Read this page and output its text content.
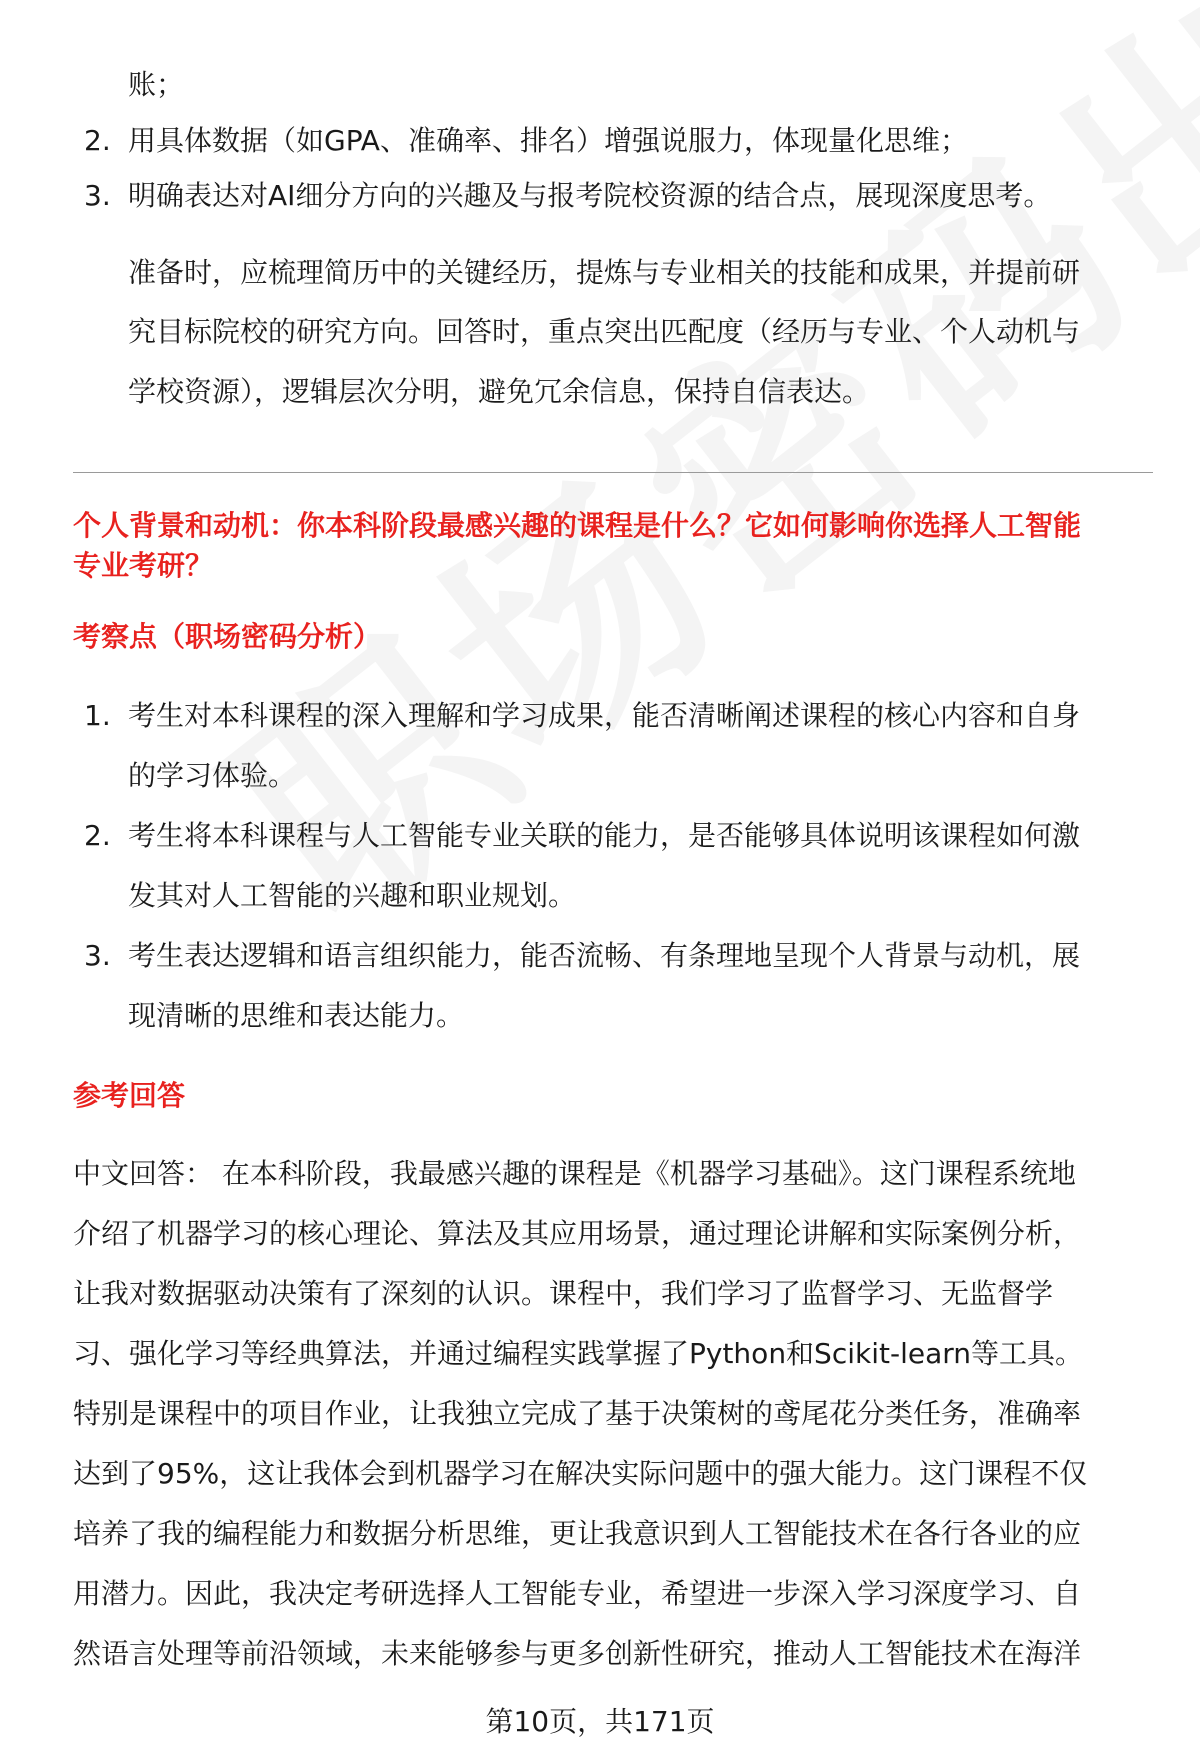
账；
2. 用具体数据（如GPA、准确率、排名）增强说服力，体现量化思维；
3. 明确表达对AI细分方向的兴趣及与报考院校资源的结合点，展现深度思考。
准备时，应梳理简历中的关键经历，提炼与专业相关的技能和成果，并提前研
究目标院校的研究方向。回答时，重点突出匹配度（经历与专业、个人动机与
学校资源），逻辑层次分明，避免冗余信息，保持自信表达。
个人背景和动机：你本科阶段最感兴趣的课程是什么？它如何影响你选择人工智能
专业考研？
考察点（职场密码分析）
1. 考生对本科课程的深入理解和学习成果，能否清晰阐述课程的核心内容和自身
的学习体验。
2. 考生将本科课程与人工智能专业关联的能力，是否能够具体说明该课程如何激
发其对人工智能的兴趣和职业规划。
3. 考生表达逻辑和语言组织能力，能否流畅、有条理地呈现个人背景与动机，展
现清晰的思维和表达能力。
参考回答
中文回答： 在本科阶段，我最感兴趣的课程是《机器学习基础》。这门课程系统地
介绍了机器学习的核心理论、算法及其应用场景，通过理论讲解和实际案例分析，
让我对数据驱动决策有了深刻的认识。课程中，我们学习了监督学习、无监督学
习、强化学习等经典算法，并通过编程实践掌握了Python和Scikit-learn等工具。
特别是课程中的项目作业，让我独立完成了基于决策树的鸢尾花分类任务，准确率
达到了95%，这让我体会到机器学习在解决实际问题中的强大能力。这门课程不仅
培养了我的编程能力和数据分析思维，更让我意识到人工智能技术在各行各业的应
用潜力。因此，我决定考研选择人工智能专业，希望进一步深入学习深度学习、自
然语言处理等前沿领域，未来能够参与更多创新性研究，推动人工智能技术在海洋
第10页，共171页
